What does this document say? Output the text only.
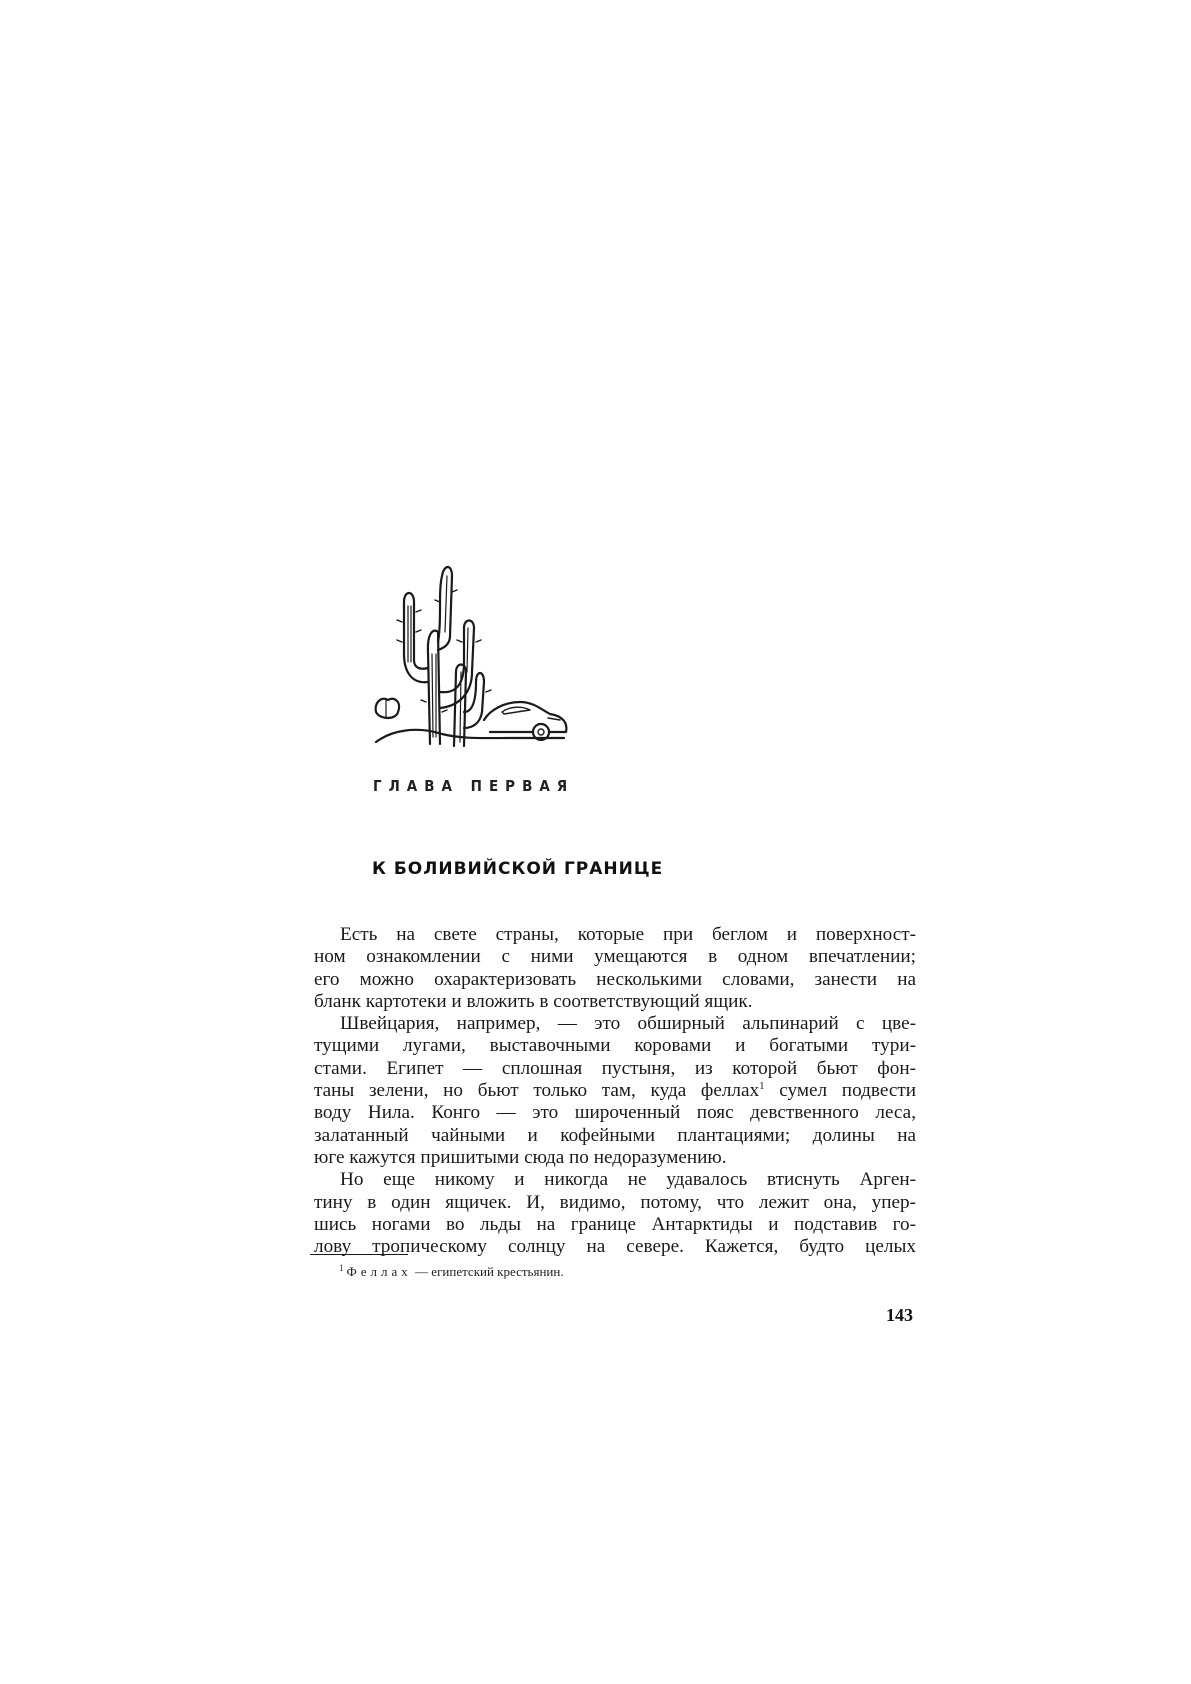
ГЛАВА ПЕРВАЯ
К БОЛИВИЙСКОЙ ГРАНИЦЕ
Есть на свете страны, которые при беглом и поверхност-
ном ознакомлении с ними умещаются в одном впечатлении;
его можно охарактеризовать несколькими словами, занести на
бланк картотеки и вложить в соответствующий ящик.
Швейцария, например, — это обширный альпинарий с цве-
тущими лугами, выставочными коровами и богатыми тури-
стами. Египет — сплошная пустыня, из которой бьют фон-
таны зелени, но бьют только там, куда феллах$^1$ сумел подвести
воду Нила. Конго — это широченный пояс девственного леса,
залатанный чайными и кофейными плантациями; долины на
юге кажутся пришитыми сюда по недоразумению.
Но еще никому и никогда не удавалось втиснуть Аргeн-
тину в один ящичек. И, видимо, потому, что лежит она, упер-
шись ногами во льды на границе Антарктиды и подставив го-
лову тропическому солнцу на севере. Кажется, будто целых
$^1$ Феллах — египетский крестьянин.
143
